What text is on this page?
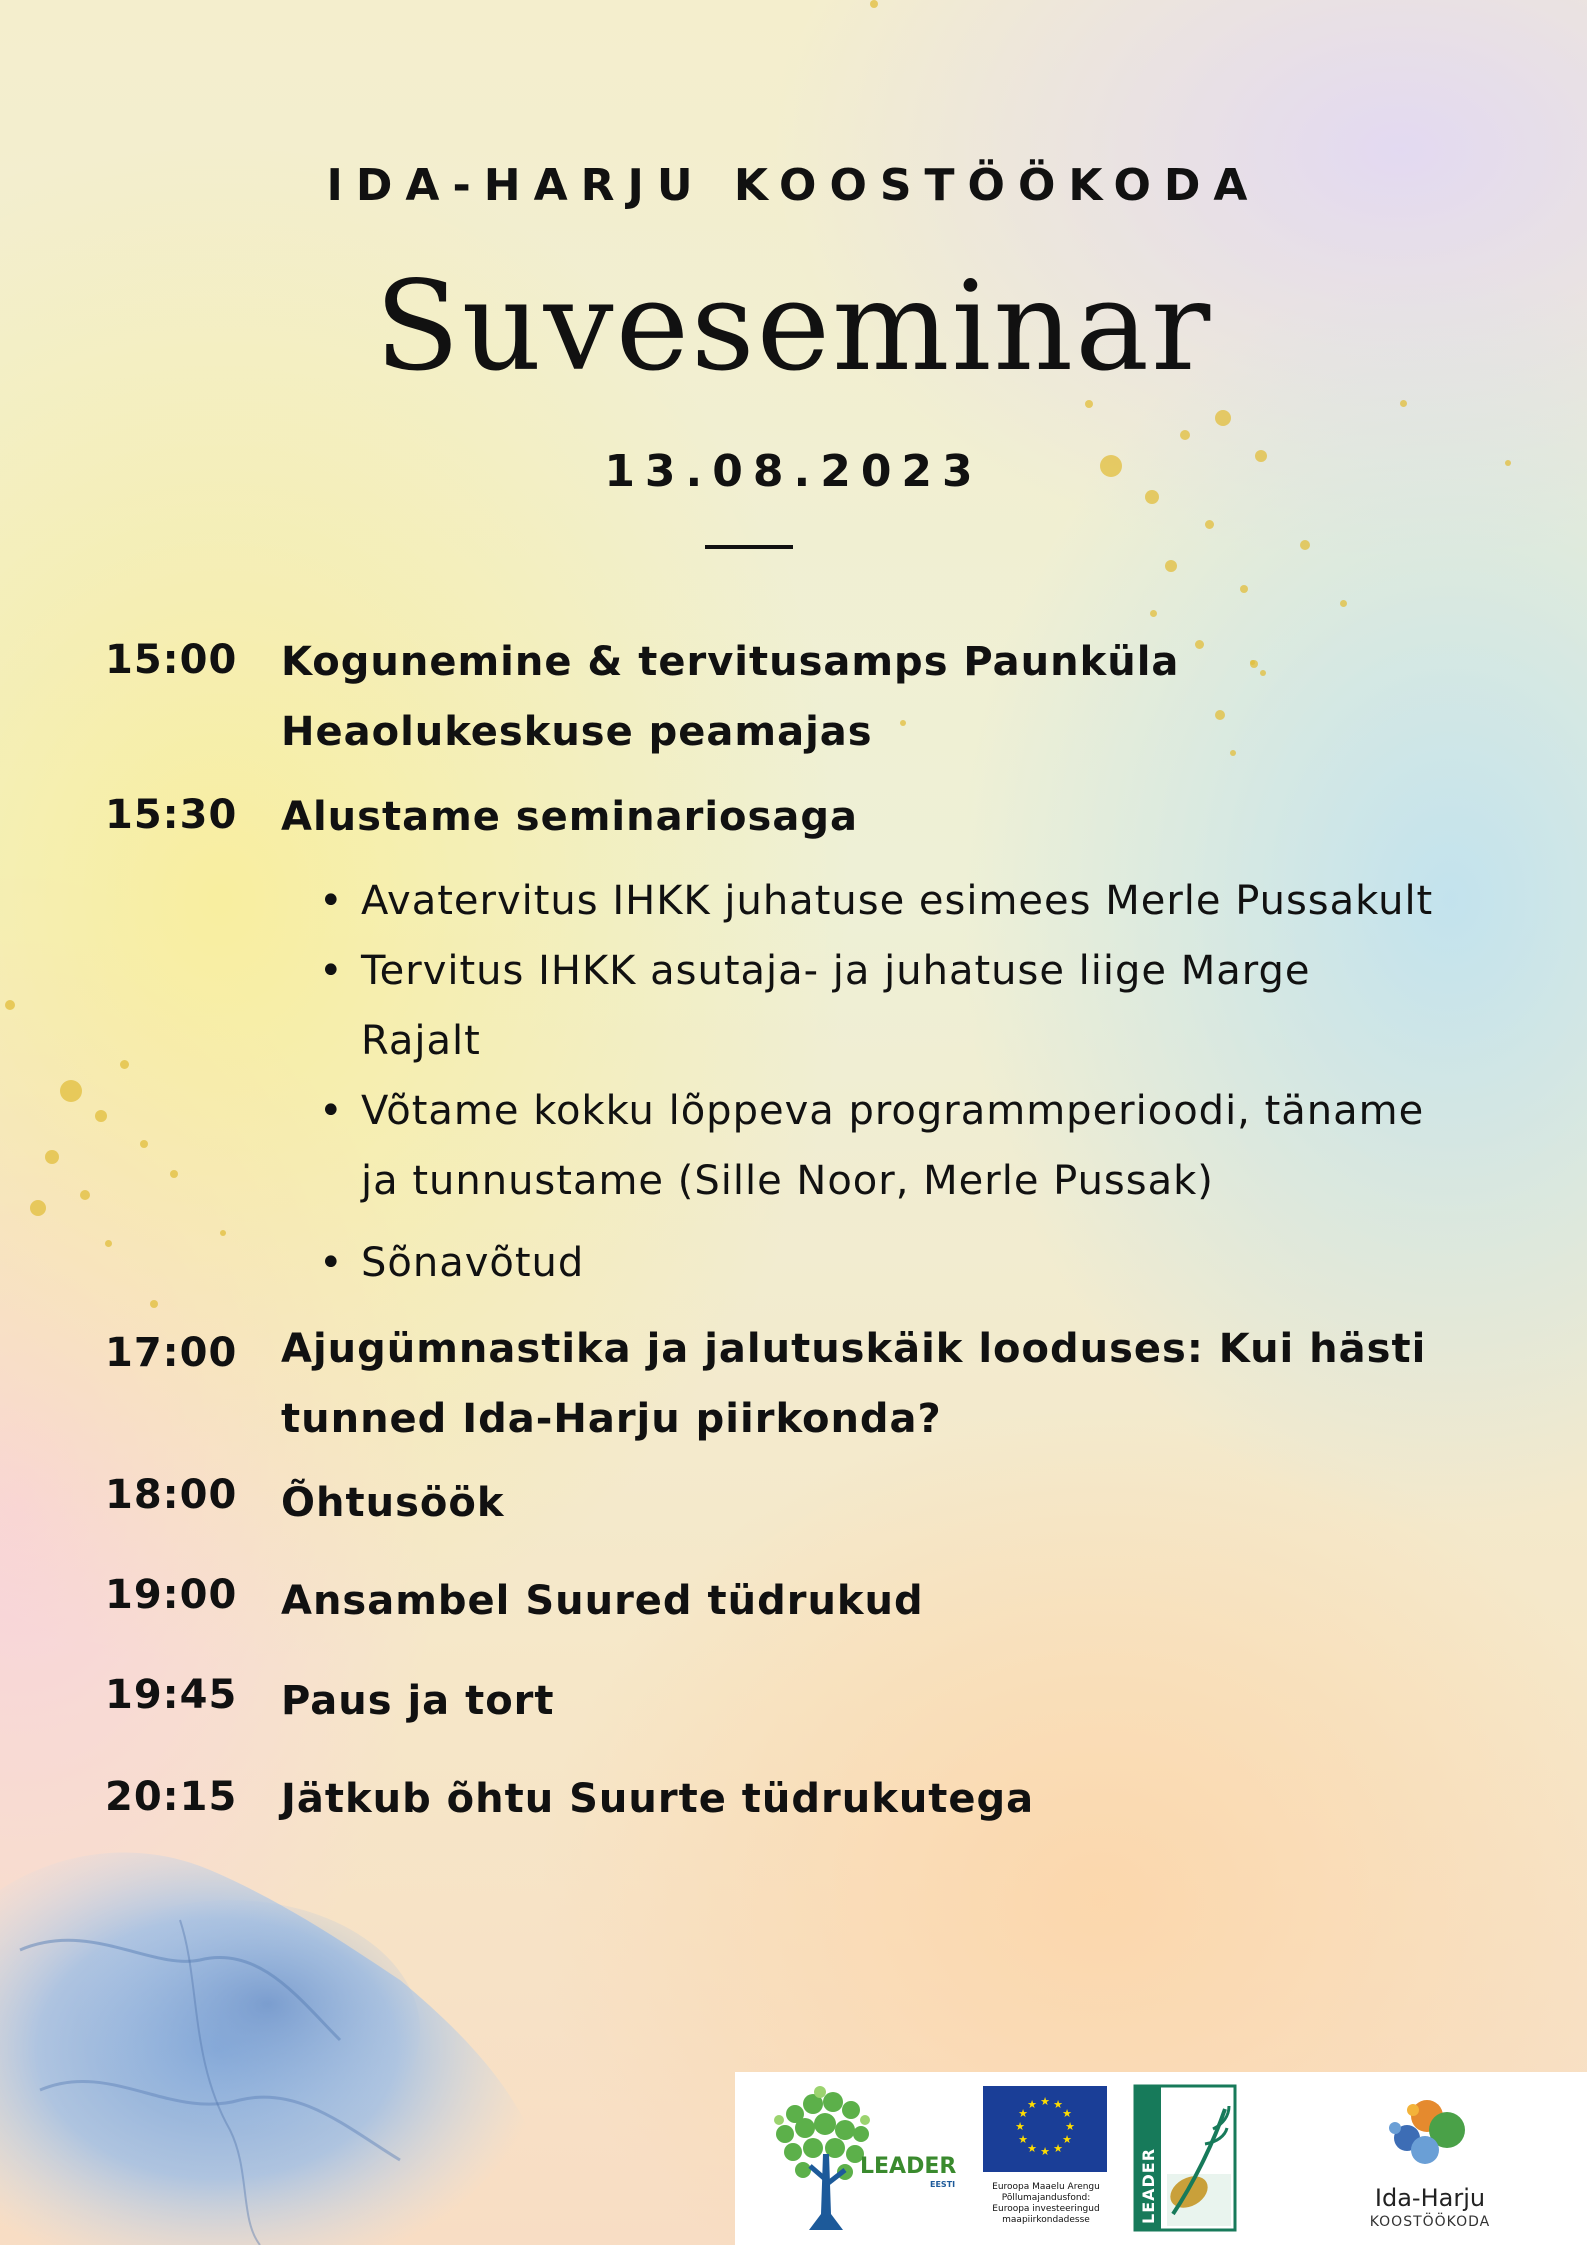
IDA-HARJU KOOSTÖÖKODA
Suveseminar
13.08.2023
15:00 Kogunemine & tervitusamps Paunküla
Heaolukeskuse peamajas
15:30 Alustame seminariosaga
• Avatervitus IHKK juhatuse esimees Merle Pussakult
• Tervitus IHKK asutaja- ja juhatuse liige Marge
Rajalt
• Võtame kokku lõppeva programmperioodi, täname
ja tunnustame (Sille Noor, Merle Pussak)
• Sõnavõtud
17:00 Ajugümnastika ja jalutuskäik looduses: Kui hästi
tunned Ida-Harju piirkonda?
18:00 Õhtusöök
19:00 Ansambel Suured tüdrukud
19:45 Paus ja tort
20:15 Jätkub õhtu Suurte tüdrukutega
LEADER
EESTI
★ ★
★
★
★
★
★
★
★
★
★
★
Euroopa Maaelu Arengu
Põllumajandusfond:
Euroopa investeeringud
maapiirkondadesse	LEADER	Ida-Harju
KOOSTÖÖKODA
